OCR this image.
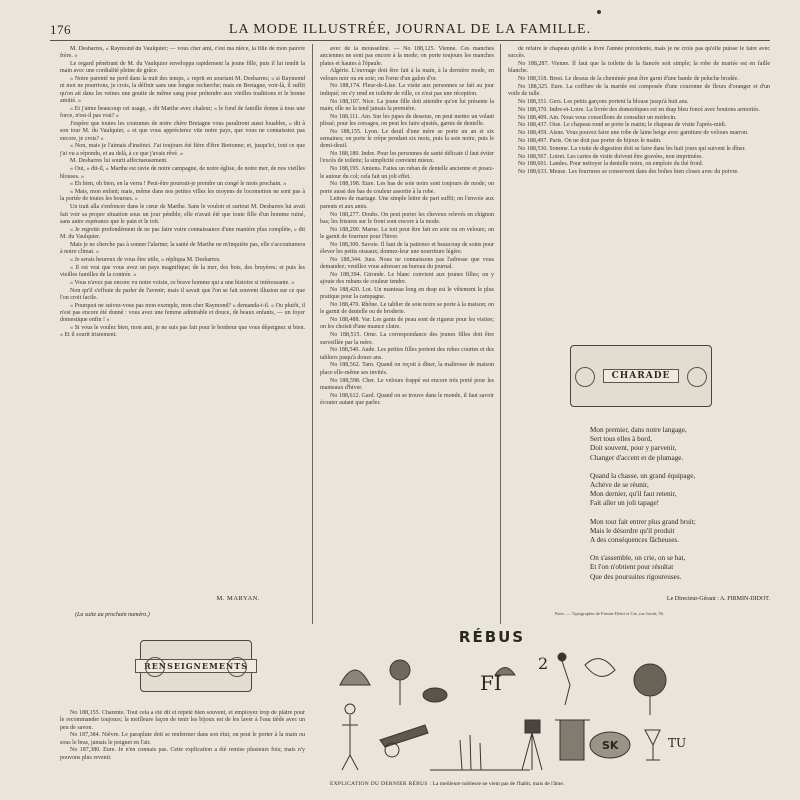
176	LA MODE ILLUSTRÉE, JOURNAL DE LA FAMILLE.

M. Desbarres, « Raymond du Vaulquier; — vous cher ami, c'est ma nièce, la fille de mon pauvre frère. »

Le regard pénétrant de M. du Vaulquier enveloppa rapidement la jeune fille, puis il lui tendit la main avec une cordialité pleine de grâce.

« Notre parenté ne perd dans la nuit des temps, » reprit en souriant M. Desbarres; « si Raymond ni moi ne pourrions, je crois, la définir sans une longue recherche; mais en Bretagne, voir-là, il suffit qu'on ait dans les veines une goutte de même sang pour prétendre aux vieilles traditions et le bonne amitié. »

« Et j'aime beaucoup cet usage, » dit Marthe avec chaleur; « le fond de famille donne à tous une force, n'est-il pas vrai? »

J'espère que toutes les coutumes de notre chère Bretagne vous paraîtront aussi louables, » dit à son tour M. du Vaulquier, « et que vous apprécierez vite notre pays, que vous ne connaissiez pas encore, je crois? »

« Non, mais je l'aimais d'instinct. J'ai toujours été fière d'être Bretonne; et, jusqu'ici, tout ce que j'ai vu a répondu, et au delà, à ce que j'avais rêvé. »

M. Desbarres lui sourit affectueusement.

« Oui, » dit-il, « Marthe est ravie de notre campagne, de notre église, de notre mer, de nos vieilles blouses. »

« Eh bien, oh bien, en la verra ! Peut-être pourrait-je prendre un congé le mois prochain. »

« Mais, mon enfant; mais, même dans nos petites villes les moyens de locomotion ne sont pas à la portée de toutes les bourses. »

Un trait alla s'enfoncer dans le cœur de Marthe. Sans le vouloir et surtout M. Desbarres lui avait fait voir sa propre situation sous un jour pénible; elle n'avait été que toute fille d'un homme ruiné, sans autre espérance que le pain et le toit.

« Je regrette profondément de ne pas faire votre connaissance d'une manière plus complète, » dit M. du Vaulquier.

Mais je ne cherche pas à sonner l'alarme; la santé de Marthe ne m'inquiète pas, elle s'accoutumera à notre climat. »

« Je serais heureux de vous être utile, » répliqua M. Desbarres.

« Il est vrai que vous avez un pays magnifique; de la mer, des bois, des bruyères; et puis les vieilles familles de la contrée. »

« Vous n'avez pas encore vu notre voisin, ce brave homme qui a une histoire si intéressante. »

Non qu'il s'effraie de parler de l'avenir; mais il savait que l'on se fait souvent illusion sur ce que l'on croit facile.

« Pourquoi ne suivez-vous pas mon exemple, mon cher Raymond? » demanda-t-il. « Ou plutôt, il n'est pas encore été donné : vous avez une femme admirable et douce, de beaux enfants, — un foyer domestique enfin ! »

« Si vous le voulez bien, mon ami, je ne suis pas fait pour le bonheur que vous dépeignez si bien. » Et il sourit tristement.

M. MARYAN.
(La suite au prochain numéro.)
RENSEIGNEMENTS

No 188,155. Charente. Tout cela a été dit et répété bien souvent, et employez trop de plâtre pour le recommander toujours; la meilleure façon de tenir les bijoux est de les laver à l'eau tiède avec un peu de savon.

No 187,384. Nièvre. Le parapluie doit se renfermer dans son étui; on peut le porter à la main ou sous le bras, jamais le poignet en l'air.

No 187,380. Eure. Je n'en connais pas. Cette explication a été remise plusieurs fois; mais n'y pouvons plus revenir.

avec de la mousseline. — No 188,125. Vienne. Ces manches anciennes ne sont pas encore à la mode; on porte toujours les manches plates et hautes à l'épaule.

Algérie. L'ouvrage doit être fait à la main, à la dernière mode, en velours noir ou en soie; on l'orne d'un galon d'or.

No 188,174. Fleur-de-Lise. La visite aux personnes se fait au jour indiqué; on s'y rend en toilette de ville, ce n'est pas une réception.

No 188,107. Nice. La jeune fille doit attendre qu'on lui présente la main; elle ne la tend jamais la première.

No 188,111. Ain. Sur les jupes de dessous, on peut mettre un volant plissé; pour les corsages, on peut les faire ajustés, garnis de dentelle.

No 188,155. Lyon. Le deuil d'une mère se porte un an et six semaines; on porte le crêpe pendant six mois, puis la soie noire, puis le demi-deuil.

No 188,180. Indre. Pour les personnes de santé délicate il faut éviter l'excès de toilette; la simplicité convient mieux.

No 188,195. Amiens. Faites un ruban de dentelle ancienne et posez-le autour du col; cela fait un joli effet.

No 188,198. Eure. Les bas de soie noirs sont toujours de mode; on porte aussi des bas de couleur assortie à la robe.

Lettres de mariage. Une simple lettre de part suffit; on l'envoie aux parents et aux amis.

No 188,277. Doubs. On peut porter les cheveux relevés en chignon bas; les frisures sur le front sont encore à la mode.

No 188,290. Marne. Le toit peut être fait en soie ou en velours; on le garnit de fourrure pour l'hiver.

No 188,300. Savoie. Il faut de la patience et beaucoup de soins pour élever les petits oiseaux; donnez-leur une nourriture légère.

No 188,344. Jura. Nous ne connaissons pas l'adresse que vous demandez; veuillez vous adresser au bureau du journal.

No 188,394. Gironde. Le blanc convient aux jeunes filles; on y ajoute des rubans de couleur tendre.

No 188,420. Lot. Un manteau long en drap est le vêtement le plus pratique pour la campagne.

No 188,470. Rhône. Le tablier de soie noire se porte à la maison; on le garnit de dentelle ou de broderie.

No 188,488. Var. Les gants de peau sont de rigueur pour les visites; on les choisit d'une nuance claire.

No 188,515. Orne. La correspondance des jeunes filles doit être surveillée par la mère.

No 188,540. Aude. Les petites filles portent des robes courtes et des tabliers jusqu'à douze ans.

No 188,562. Tarn. Quand on reçoit à dîner, la maîtresse de maison place elle-même ses invités.

No 188,598. Cher. Le velours frappé est encore très porté pour les manteaux d'hiver.

No 188,612. Gard. Quand on se trouve dans le monde, il faut savoir écouter autant que parler.

de refaire le chapeau qu'elle a livré l'année précédente, mais je ne crois pas qu'elle puisse le faire avec succès.

No 188,287. Vienne. Il faut que la toilette de la fiancée soit simple; la robe de mariée est en faille blanche.

No 188,318. Brest. Le dessus de la cheminée peut être garni d'une bande de peluche brodée.

No 188,325. Eure. La coiffure de la mariée est composée d'une couronne de fleurs d'oranger et d'un voile de tulle.

No 188,351. Gers. Les petits garçons portent la blouse jusqu'à huit ans.

No 188,370. Indre-et-Loire. La livrée des domestiques est en drap bleu foncé avec boutons armoriés.

No 188,409. Ain. Nous vous conseillons de consulter un médecin.

No 188,437. Oise. Le chapeau rond se porte le matin; le chapeau de visite l'après-midi.

No 188,459. Aisne. Vous pouvez faire une robe de laine beige avec garniture de velours marron.

No 188,497. Paris. On ne doit pas porter de bijoux le matin.

No 188,530. Somme. La visite de digestion doit se faire dans les huit jours qui suivent le dîner.

No 188,567. Loiret. Les cartes de visite doivent être gravées, non imprimées.

No 188,601. Landes. Pour nettoyer la dentelle noire, on emploie du thé froid.

No 188,633. Meuse. Les fourrures se conservent dans des boîtes bien closes avec du poivre.

CHARADE
Mon premier, dans notre langage,
Sert tous elles à bord,
Doit souvent, pour y parvenir,
Changer d'accent et de plumage.
Quand la chasse, un grand équipage,
Achève de se réunir,
Mon dernier, qu'il faut retenir,
Fait aller un joli tapage!
Mon tout fait entrer plus grand bruit;
Mais le désordre qu'il produit
A des conséquences fâcheuses.
On s'assemble, on crie, on se bat,
Et l'on n'obtient pour résultat
Que des poursuites rigoureuses.
Le Directeur-Gérant : A. FIRMIN-DIDOT.
Paris. — Typographie de Firmin-Didot et Cie, rue Jacob, 56.
RÉBUS
FI
2
SK	TU
EXPLICATION DU DERNIER RÉBUS : La meilleure noblesse ne vient pas de l'habit, mais de l'âme.
